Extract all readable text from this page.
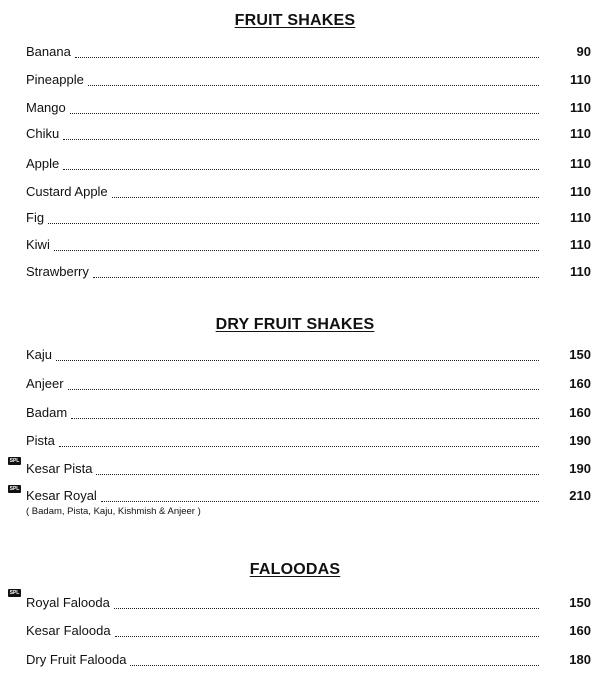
FRUIT SHAKES
Banana	90
Pineapple	110
Mango	110
Chiku	110
Apple	110
Custard Apple	110
Fig	110
Kiwi	110
Strawberry	110
DRY FRUIT SHAKES
Kaju	150
Anjeer	160
Badam	160
Pista	190
SPL Kesar Pista	190
SPL Kesar Royal	210
( Badam, Pista, Kaju, Kishmish & Anjeer )
FALOODAS
SPL
Royal Falooda	150
Kesar Falooda	160
Dry Fruit Falooda	180
